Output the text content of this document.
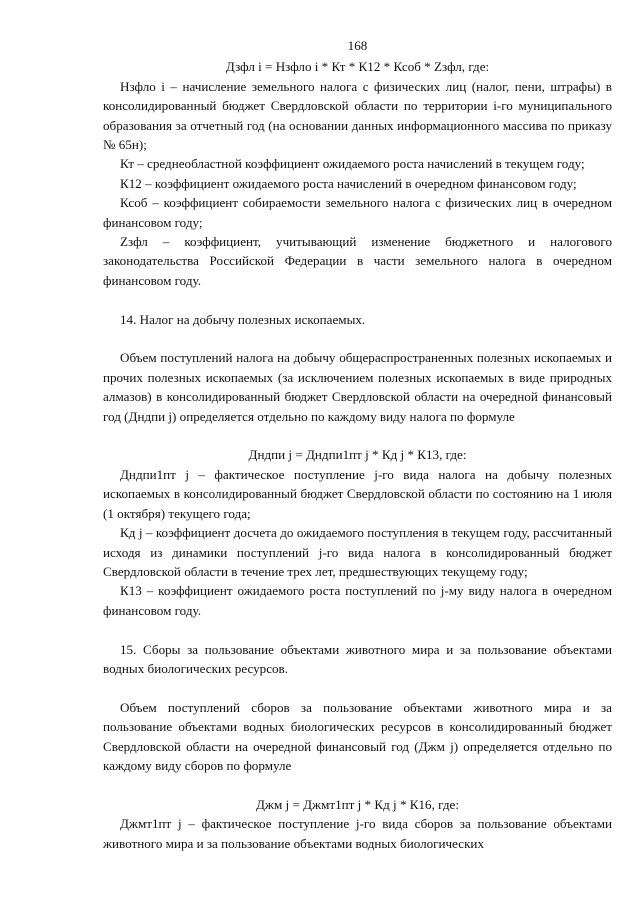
168

Дзфл i = Нзфло i * Кт * К12 * Ксоб * Zзфл, где:

Нзфло i – начисление земельного налога с физических лиц (налог, пени, штрафы) в консолидированный бюджет Свердловской области по территории i-го муниципального образования за отчетный год (на основании данных информационного массива по приказу № 65н);

Кт – среднеобластной коэффициент ожидаемого роста начислений в текущем году;

К12 – коэффициент ожидаемого роста начислений в очередном финансовом году;

Ксоб – коэффициент собираемости земельного налога с физических лиц в очередном финансовом году;

Zзфл – коэффициент, учитывающий изменение бюджетного и налогового законодательства Российской Федерации в части земельного налога в очередном финансовом году.

14. Налог на добычу полезных ископаемых.

Объем поступлений налога на добычу общераспространенных полезных ископаемых и прочих полезных ископаемых (за исключением полезных ископаемых в виде природных алмазов) в консолидированный бюджет Свердловской области на очередной финансовый год (Дндпи j) определяется отдельно по каждому виду налога по формуле

Дндпи j = Дндпи1пт j * Кд j * К13, где:

Дндпи1пт j – фактическое поступление j-го вида налога на добычу полезных ископаемых в консолидированный бюджет Свердловской области по состоянию на 1 июля (1 октября) текущего года;

Кд j – коэффициент досчета до ожидаемого поступления в текущем году, рассчитанный исходя из динамики поступлений j-го вида налога в консолидированный бюджет Свердловской области в течение трех лет, предшествующих текущему году;

К13 – коэффициент ожидаемого роста поступлений по j-му виду налога в очередном финансовом году.

15. Сборы за пользование объектами животного мира и за пользование объектами водных биологических ресурсов.

Объем поступлений сборов за пользование объектами животного мира и за пользование объектами водных биологических ресурсов в консолидированный бюджет Свердловской области на очередной финансовый год (Джм j) определяется отдельно по каждому виду сборов по формуле

Джм j = Джмт1пт j * Кд j * К16, где:

Джмт1пт j – фактическое поступление j-го вида сборов за пользование объектами животного мира и за пользование объектами водных биологических
